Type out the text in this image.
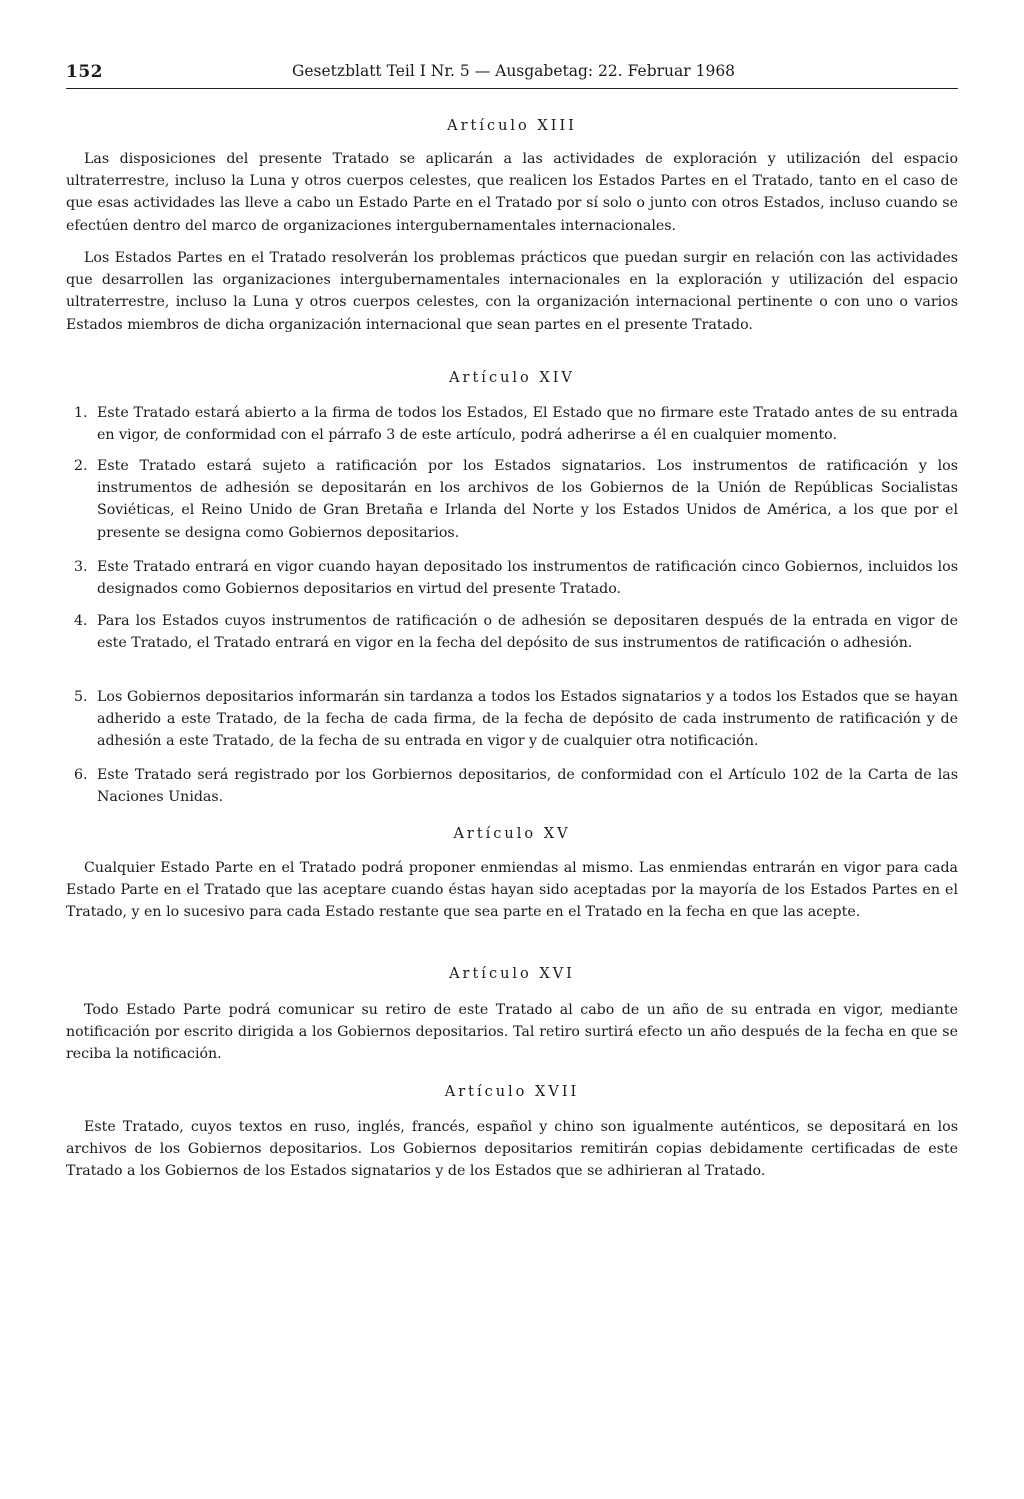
152	Gesetzblatt Teil I Nr. 5 — Ausgabetag: 22. Februar 1968
Artículo XIII

Las disposiciones del presente Tratado se aplicarán a las actividades de exploración y utilización del espacio ultraterrestre, incluso la Luna y otros cuerpos celestes, que realicen los Estados Partes en el Tratado, tanto en el caso de que esas actividades las lleve a cabo un Estado Parte en el Tratado por sí solo o junto con otros Estados, incluso cuando se efectúen dentro del marco de organizaciones intergubernamentales internacionales.

Los Estados Partes en el Tratado resolverán los problemas prácticos que puedan surgir en relación con las actividades que desarrollen las organizaciones intergubernamentales internacionales en la exploración y utilización del espacio ultraterrestre, incluso la Luna y otros cuerpos celestes, con la organización internacional pertinente o con uno o varios Estados miembros de dicha organización internacional que sean partes en el presente Tratado.

Artículo XIV
1. Este Tratado estará abierto a la firma de todos los Estados, El Estado que no firmare este Tratado antes de su entrada en vigor, de conformidad con el párrafo 3 de este artículo, podrá adherirse a él en cualquier momento.
2. Este Tratado estará sujeto a ratificación por los Estados signatarios. Los instrumentos de ratificación y los instrumentos de adhesión se depositarán en los archivos de los Gobiernos de la Unión de Repúblicas Socialistas Soviéticas, el Reino Unido de Gran Bretaña e Irlanda del Norte y los Estados Unidos de América, a los que por el presente se designa como Gobiernos depositarios.
3. Este Tratado entrará en vigor cuando hayan depositado los instrumentos de ratificación cinco Gobiernos, incluidos los designados como Gobiernos depositarios en virtud del presente Tratado.
4. Para los Estados cuyos instrumentos de ratificación o de adhesión se depositaren después de la entrada en vigor de este Tratado, el Tratado entrará en vigor en la fecha del depósito de sus instrumentos de ratificación o adhesión.
5. Los Gobiernos depositarios informarán sin tardanza a todos los Estados signatarios y a todos los Estados que se hayan adherido a este Tratado, de la fecha de cada firma, de la fecha de depósito de cada instrumento de ratificación y de adhesión a este Tratado, de la fecha de su entrada en vigor y de cualquier otra notificación.
6. Este Tratado será registrado por los Gorbiernos depositarios, de conformidad con el Artículo 102 de la Carta de las Naciones Unidas.
Artículo XV

Cualquier Estado Parte en el Tratado podrá proponer enmiendas al mismo. Las enmiendas entrarán en vigor para cada Estado Parte en el Tratado que las aceptare cuando éstas hayan sido aceptadas por la mayoría de los Estados Partes en el Tratado, y en lo sucesivo para cada Estado restante que sea parte en el Tratado en la fecha en que las acepte.

Artículo XVI

Todo Estado Parte podrá comunicar su retiro de este Tratado al cabo de un año de su entrada en vigor, mediante notificación por escrito dirigida a los Gobiernos depositarios. Tal retiro surtirá efecto un año después de la fecha en que se reciba la notificación.

Artículo XVII

Este Tratado, cuyos textos en ruso, inglés, francés, español y chino son igualmente auténticos, se depositará en los archivos de los Gobiernos depositarios. Los Gobiernos depositarios remitirán copias debidamente certificadas de este Tratado a los Gobiernos de los Estados signatarios y de los Estados que se adhirieran al Tratado.
